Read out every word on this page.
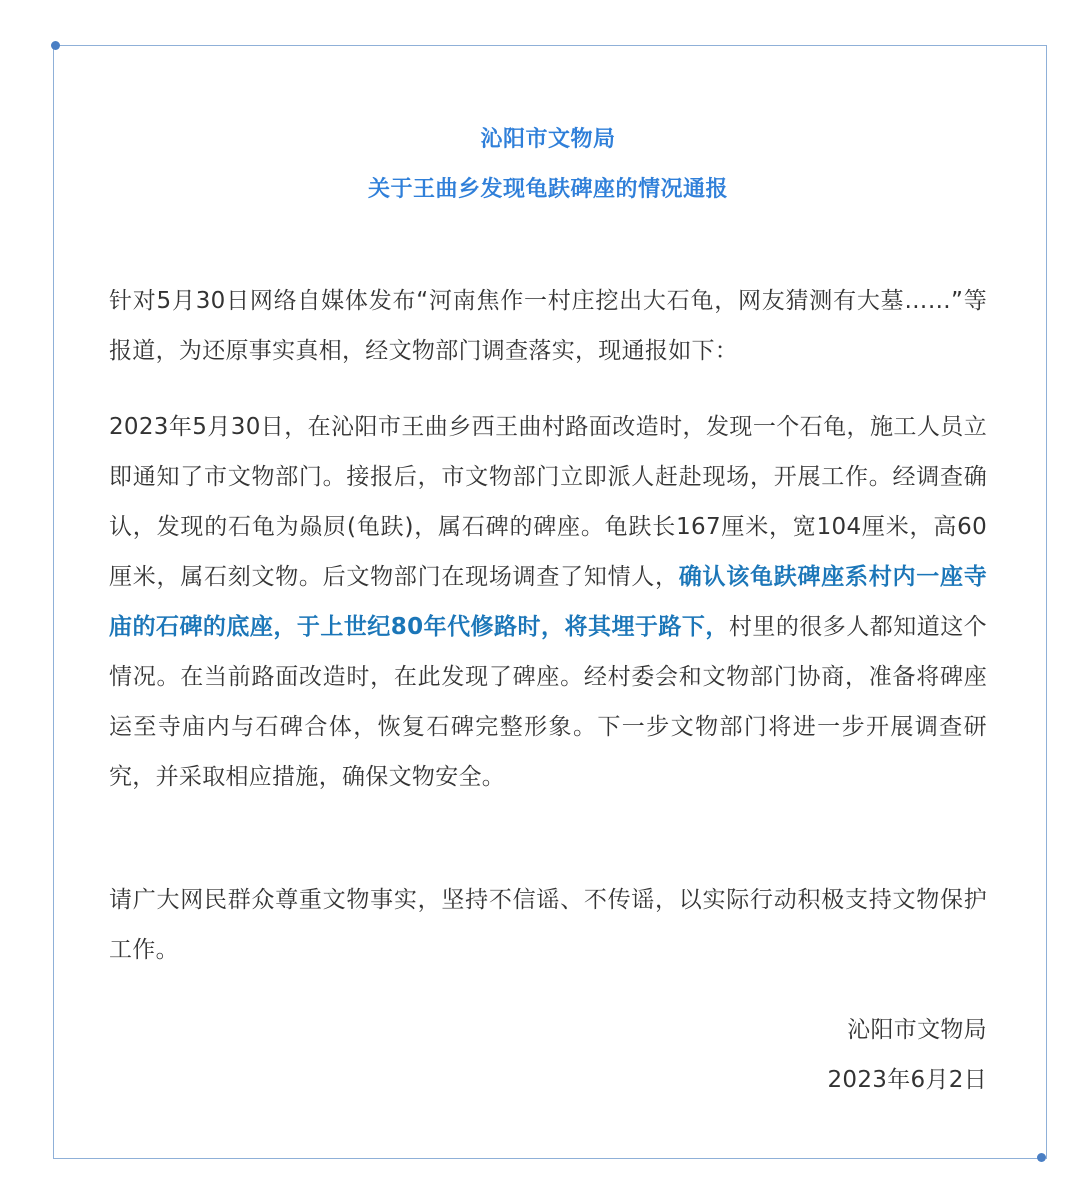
沁阳市文物局
关于王曲乡发现龟趺碑座的情况通报

针对5月30日网络自媒体发布“河南焦作一村庄挖出大石龟，网友猜测有大墓……”等报道，为还原事实真相，经文物部门调查落实，现通报如下：

2023年5月30日，在沁阳市王曲乡西王曲村路面改造时，发现一个石龟，施工人员立即通知了市文物部门。接报后，市文物部门立即派人赶赴现场，开展工作。经调查确认，发现的石龟为赑屃(龟趺)，属石碑的碑座。龟趺长167厘米，宽104厘米，高60厘米，属石刻文物。后文物部门在现场调查了知情人，确认该龟趺碑座系村内一座寺庙的石碑的底座，于上世纪80年代修路时，将其埋于路下，村里的很多人都知道这个情况。在当前路面改造时，在此发现了碑座。经村委会和文物部门协商，准备将碑座运至寺庙内与石碑合体，恢复石碑完整形象。下一步文物部门将进一步开展调查研究，并采取相应措施，确保文物安全。

请广大网民群众尊重文物事实，坚持不信谣、不传谣，以实际行动积极支持文物保护工作。

沁阳市文物局
2023年6月2日
